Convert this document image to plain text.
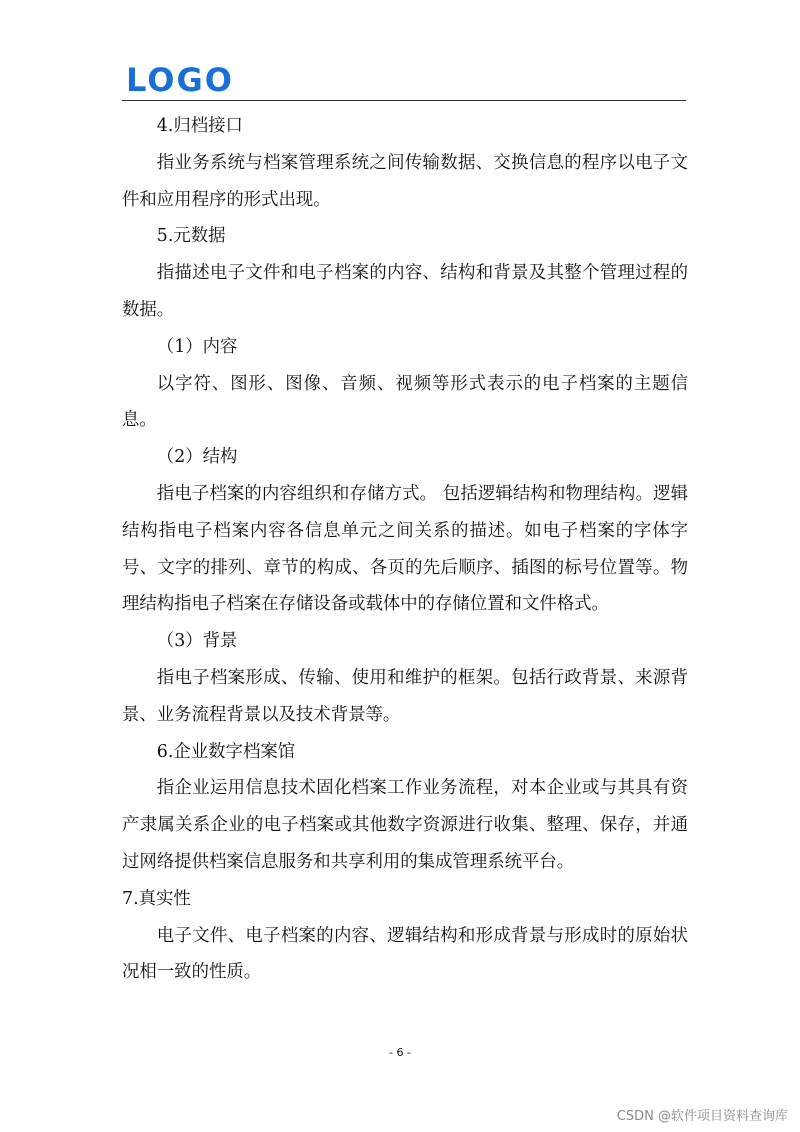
LOGO

4.归档接口

指业务系统与档案管理系统之间传输数据、交换信息的程序以电子文件和应用程序的形式出现。

5.元数据

指描述电子文件和电子档案的内容、结构和背景及其整个管理过程的数据。

（1）内容

以字符、图形、图像、音频、视频等形式表示的电子档案的主题信息。

（2）结构

指电子档案的内容组织和存储方式。 包括逻辑结构和物理结构。逻辑结构指电子档案内容各信息单元之间关系的描述。如电子档案的字体字号、文字的排列、章节的构成、各页的先后顺序、插图的标号位置等。物理结构指电子档案在存储设备或载体中的存储位置和文件格式。

（3）背景

指电子档案形成、传输、使用和维护的框架。包括行政背景、来源背景、业务流程背景以及技术背景等。

6.企业数字档案馆

指企业运用信息技术固化档案工作业务流程，对本企业或与其具有资产隶属关系企业的电子档案或其他数字资源进行收集、整理、保存，并通过网络提供档案信息服务和共享利用的集成管理系统平台。

7.真实性

电子文件、电子档案的内容、逻辑结构和形成背景与形成时的原始状况相一致的性质。

- 6 -
CSDN @软件项目资料查询库
